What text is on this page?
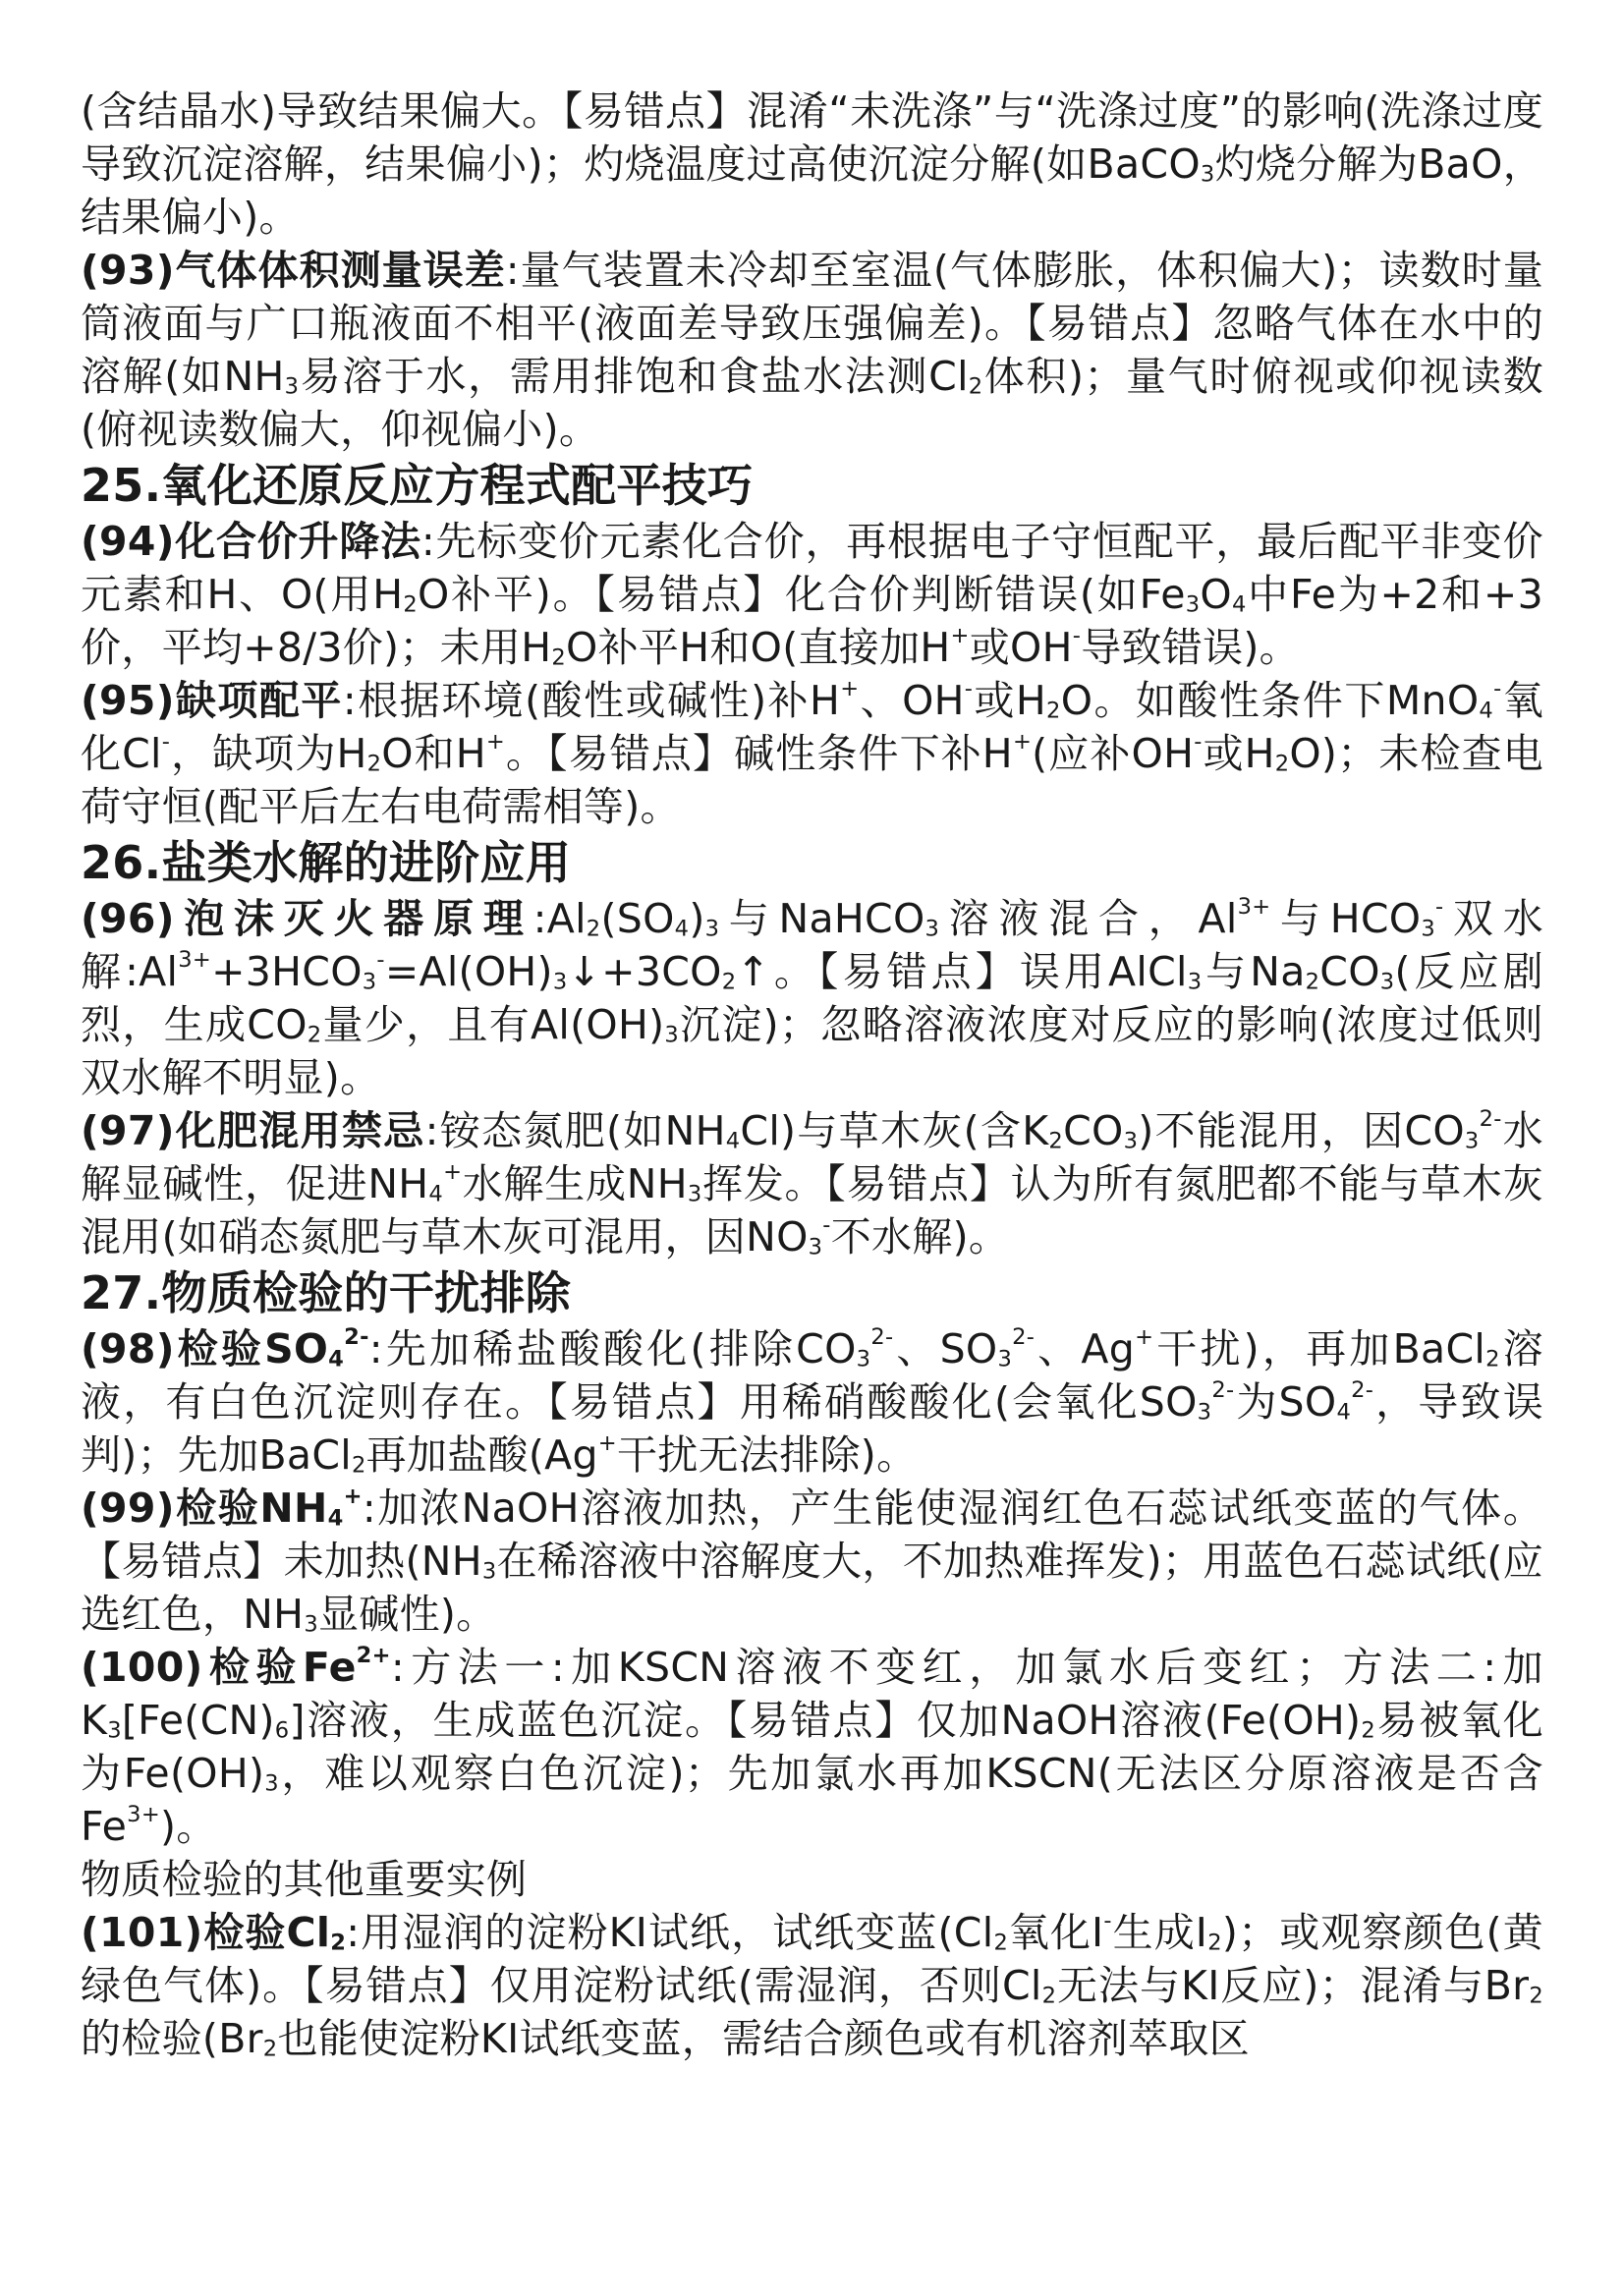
(含结晶水)导致结果偏大。【易错点】混淆“未洗涤”与“洗涤过度”的影响(洗涤过度导致沉淀溶解，结果偏小)；灼烧温度过高使沉淀分解(如BaCO$_3$灼烧分解为BaO，结果偏小)。

(93)气体体积测量误差:量气装置未冷却至室温(气体膨胀，体积偏大)；读数时量筒液面与广口瓶液面不相平(液面差导致压强偏差)。【易错点】忽略气体在水中的溶解(如$NH_3$易溶于水，需用排饱和食盐水法测$Cl_2$体积)；量气时俯视或仰视读数(俯视读数偏大，仰视偏小)。

25.氧化还原反应方程式配平技巧

(94)化合价升降法:先标变价元素化合价，再根据电子守恒配平，最后配平非变价元素和H、O(用$H_2O$补平)。【易错点】化合价判断错误(如$Fe_3O_4$中Fe为+2和+3价，平均+8/3价)；未用$H_2O$补平H和O(直接加H+或OH-导致错误)。

(95)缺项配平:根据环境(酸性或碱性)补H+、OH-或$H_2O$。如酸性条件下MnO$_4$-氧化Cl-，缺项为$H_2O$和H+。【易错点】碱性条件下补H+(应补OH-或$H_2O$)；未检查电荷守恒(配平后左右电荷需相等)。

26.盐类水解的进阶应用

(96)泡沫灭火器原理$:Al_2(SO_4)_3$与NaHCO$_3$溶液混合，$Al^{3+}$与$HCO_3^-$双水解$:Al^{3+}+3HCO_3^-=Al(OH)_3↓+3CO_2↑$。【易错点】误用AlCl$_3$与$Na_2CO_3$(反应剧烈，生成$CO_2$量少，且有$Al(OH)_3$沉淀)；忽略溶液浓度对反应的影响(浓度过低则双水解不明显)。

(97)化肥混用禁忌:铵态氮肥(如$NH_4Cl$)与草木灰(含$K_2CO_3$)不能混用，因$CO_3^{2-}$水解显碱性，促进$NH_4^+$水解生成$NH_3$挥发。【易错点】认为所有氮肥都不能与草木灰混用(如硝态氮肥与草木灰可混用，因$NO_3^-$不水解)。

27.物质检验的干扰排除

(98)检验$SO_4^{2-}$:先加稀盐酸酸化(排除$CO_3^{2-}$、$SO_3^{2-}$、Ag+干扰)，再加BaCl$_2$溶液，有白色沉淀则存在。【易错点】用稀硝酸酸化(会氧化$SO_3^{2-}$为$SO_4^{2-}$，导致误判)；先加BaCl$_2$再加盐酸(Ag+干扰无法排除)。

(99)检验$NH_4^+$:加浓NaOH溶液加热，产生能使湿润红色石蕊试纸变蓝的气体。【易错点】未加热($NH_3$在稀溶液中溶解度大，不加热难挥发)；用蓝色石蕊试纸(应选红色，$NH_3$显碱性)。

(100)检验$Fe^{2+}$:方法一:加KSCN溶液不变红，加氯水后变红；方法二:加$K_3[Fe(CN)_6]$溶液，生成蓝色沉淀。【易错点】仅加NaOH溶液($Fe(OH)_2$易被氧化为$Fe(OH)_3$，难以观察白色沉淀)；先加氯水再加KSCN(无法区分原溶液是否含$Fe^{3+}$)。

物质检验的其他重要实例

(101)检验$Cl_2$:用湿润的淀粉KI试纸，试纸变蓝($Cl_2$氧化I-生成$I_2$)；或观察颜色(黄绿色气体)。【易错点】仅用淀粉试纸(需湿润，否则$Cl_2$无法与KI反应)；混淆与$Br_2$的检验($Br_2$也能使淀粉KI试纸变蓝，需结合颜色或有机溶剂萃取区
